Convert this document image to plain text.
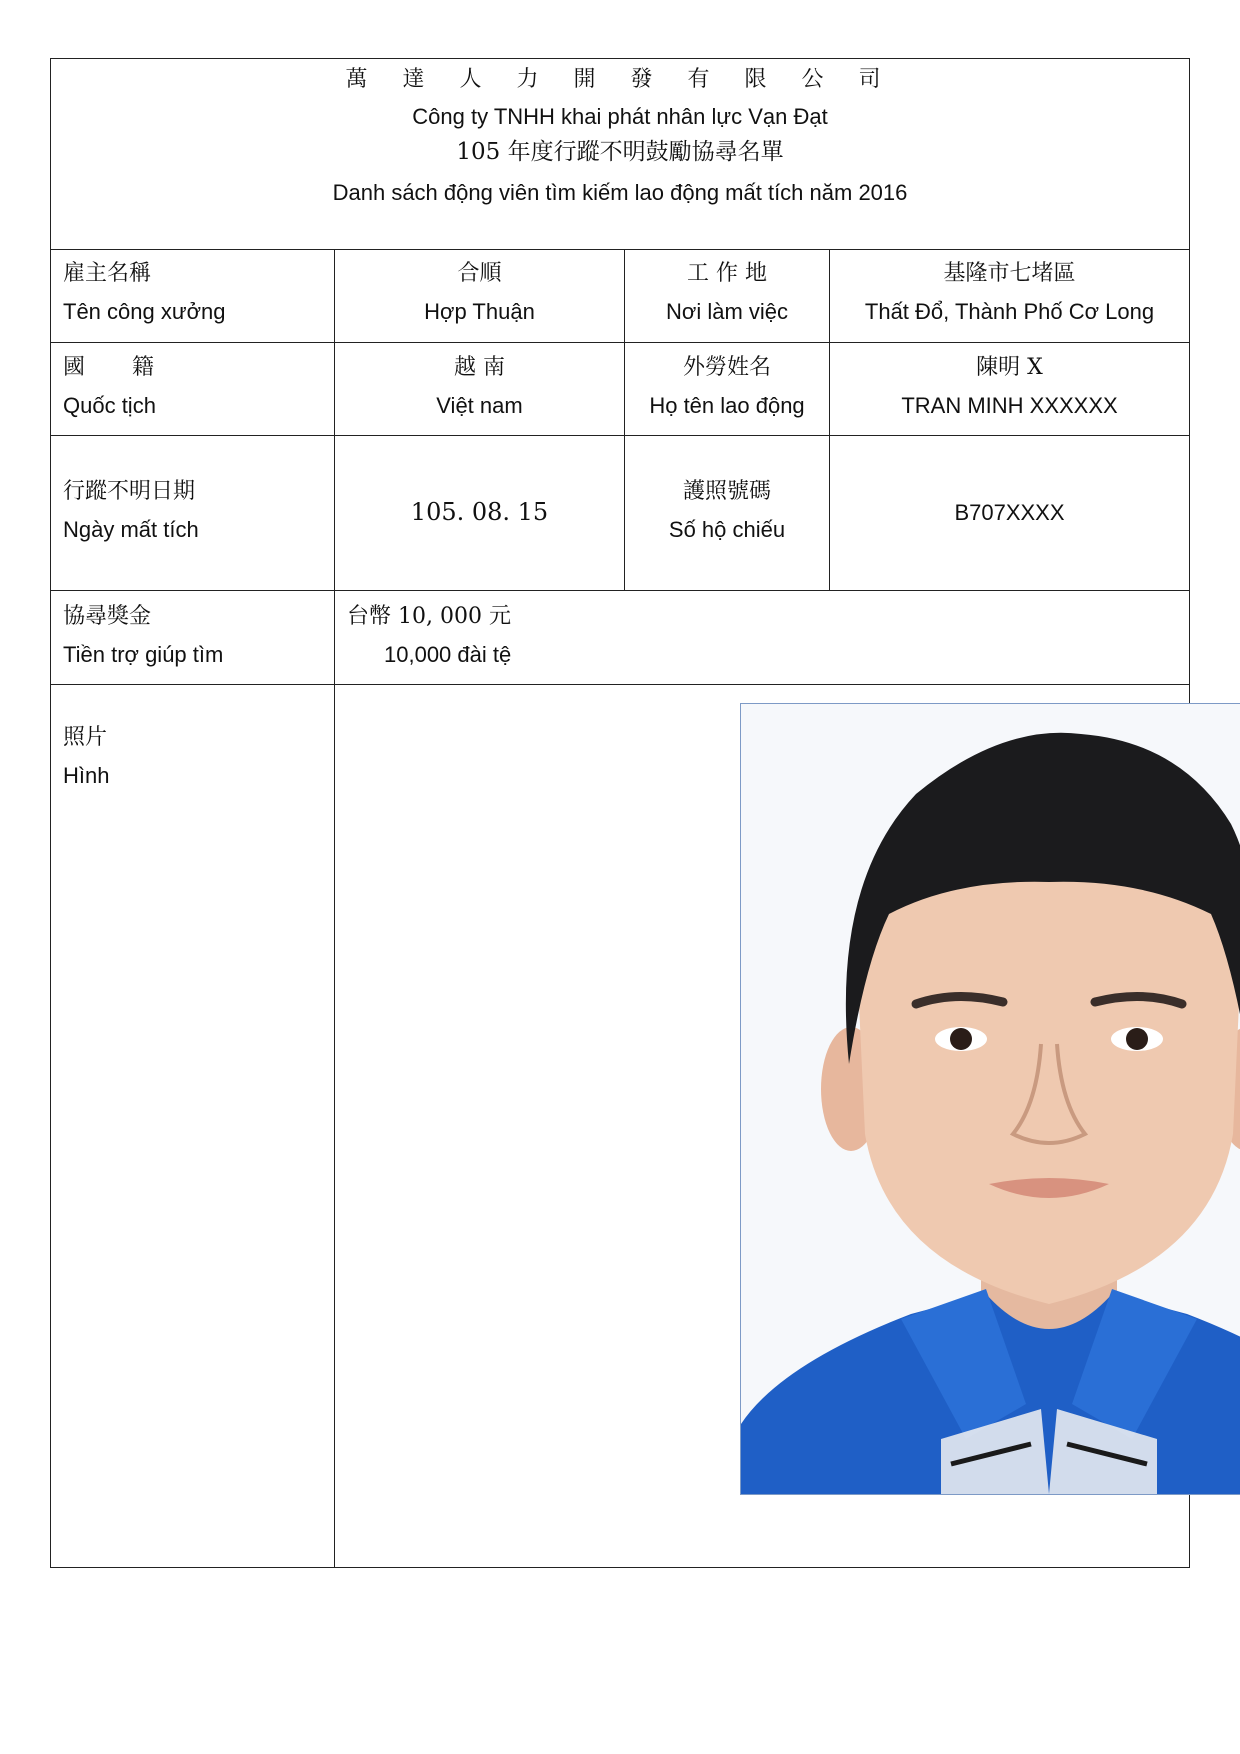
萬 達 人 力 開 發 有 限 公 司
Công ty TNHH khai phát nhân lực Vạn Đạt
105 年度行蹤不明鼓勵協尋名單
Danh sách động viên tìm kiếm lao động mất tích năm 2016
雇主名稱
Tên công xưởng
合順
Hợp Thuận
工 作 地
Nơi làm việc
基隆市七堵區
Thất Đổ, Thành Phố Cơ Long
國 籍
Quốc tịch
越 南
Việt nam
外勞姓名
Họ tên lao động
陳明 X
TRAN MINH XXXXXX
行蹤不明日期
Ngày mất tích
105. 08. 15
護照號碼
Số hộ chiếu
B707XXXX
協尋獎金
Tiền trợ giúp tìm
台幣 10, 000 元
10,000 đài tệ
照片
Hình
